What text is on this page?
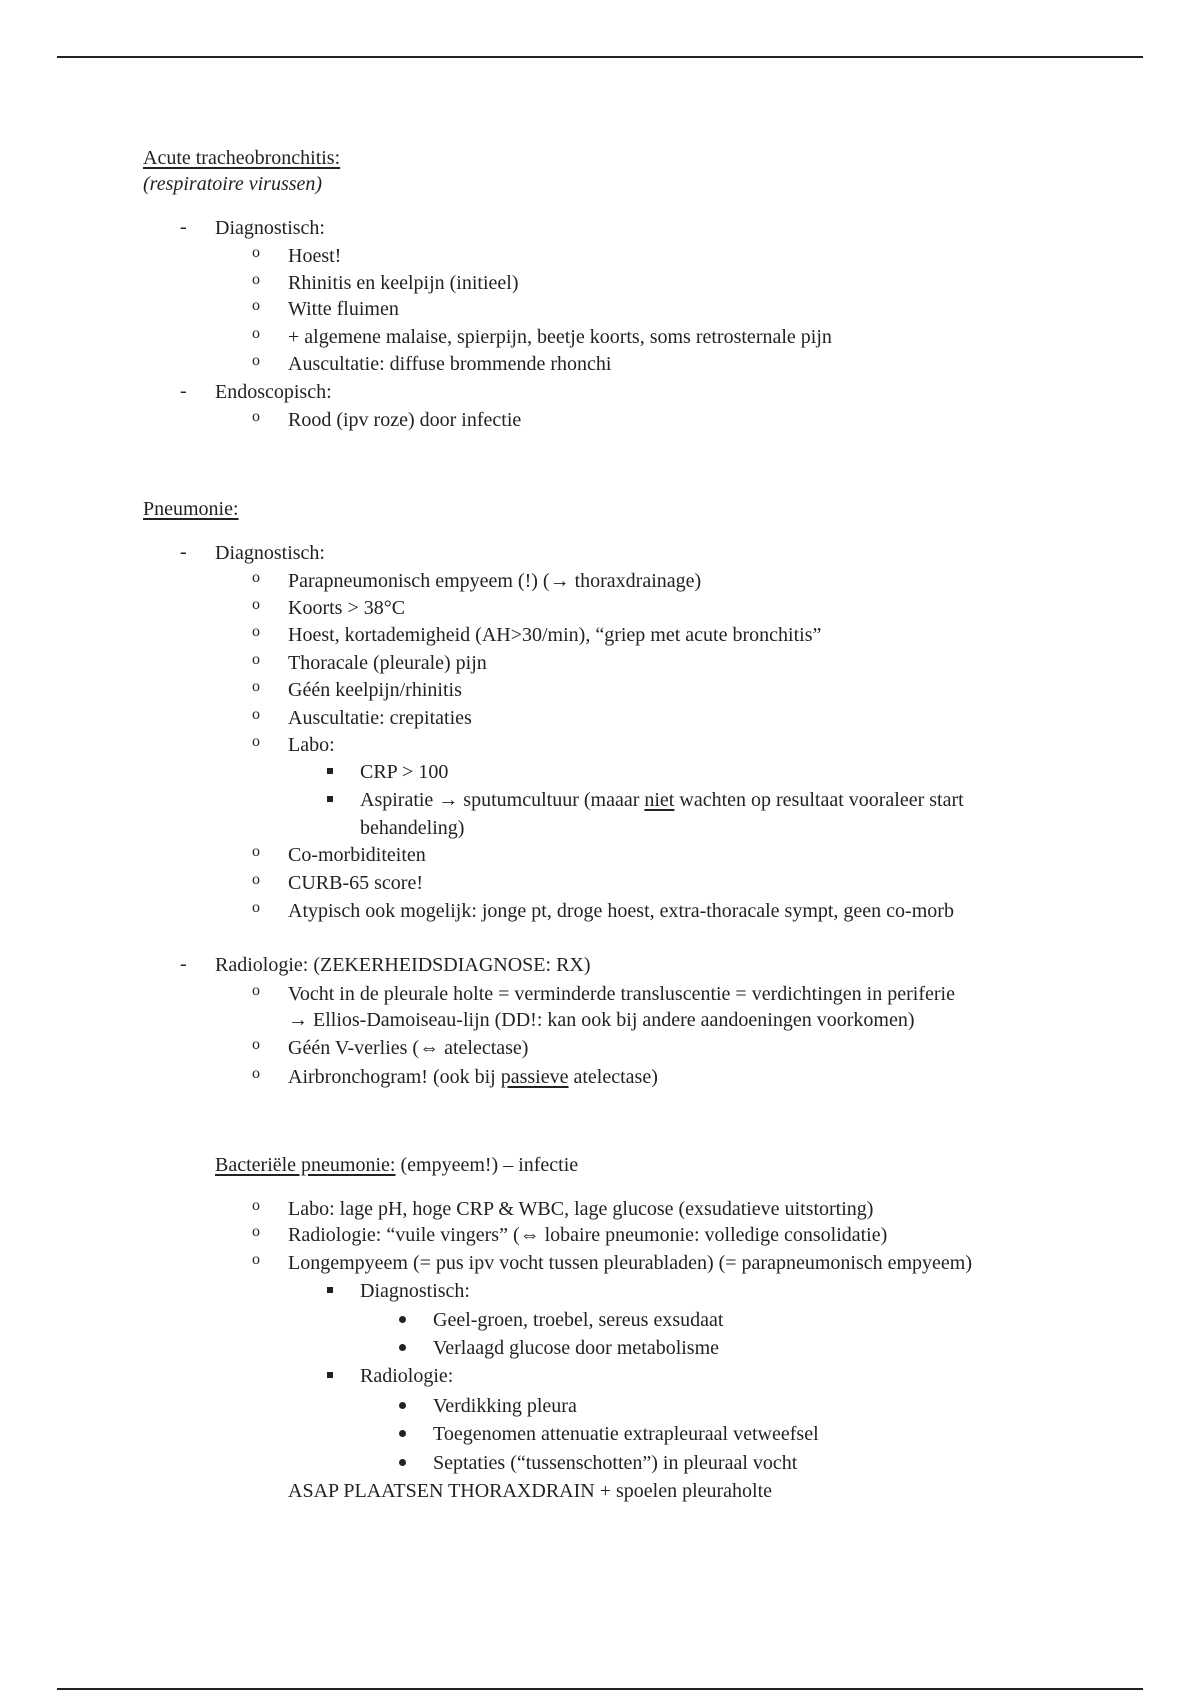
Acute tracheobronchitis:
(respiratoire virussen)
- Diagnostisch:
o Hoest!
o Rhinitis en keelpijn (initieel)
o Witte fluimen
o + algemene malaise, spierpijn, beetje koorts, soms retrosternale pijn
o Auscultatie: diffuse brommende rhonchi
- Endoscopisch:
o Rood (ipv roze) door infectie
Pneumonie:
- Diagnostisch:
o Parapneumonisch empyeem (!) (→ thoraxdrainage)
o Koorts > 38°C
o Hoest, kortademigheid (AH>30/min), “griep met acute bronchitis”
o Thoracale (pleurale) pijn
o Géén keelpijn/rhinitis
o Auscultatie: crepitaties
o Labo:
CRP > 100
Aspiratie → sputumcultuur (maaar niet wachten op resultaat vooraleer start
behandeling)
o Co-morbiditeiten
o CURB-65 score!
o Atypisch ook mogelijk: jonge pt, droge hoest, extra-thoracale sympt, geen co-morb
- Radiologie: (ZEKERHEIDSDIAGNOSE: RX)
o Vocht in de pleurale holte = verminderde transluscentie = verdichtingen in periferie
→ Ellios-Damoiseau-lijn (DD!: kan ook bij andere aandoeningen voorkomen)
o Géén V-verlies (⇔ atelectase)
o Airbronchogram! (ook bij passieve atelectase)
Bacteriële pneumonie: (empyeem!) – infectie
o Labo: lage pH, hoge CRP & WBC, lage glucose (exsudatieve uitstorting)
o Radiologie: “vuile vingers” (⇔ lobaire pneumonie: volledige consolidatie)
o Longempyeem (= pus ipv vocht tussen pleurabladen) (= parapneumonisch empyeem)
Diagnostisch:
Geel-groen, troebel, sereus exsudaat
Verlaagd glucose door metabolisme
Radiologie:
Verdikking pleura
Toegenomen attenuatie extrapleuraal vetweefsel
Septaties (“tussenschotten”) in pleuraal vocht
ASAP PLAATSEN THORAXDRAIN + spoelen pleuraholte
